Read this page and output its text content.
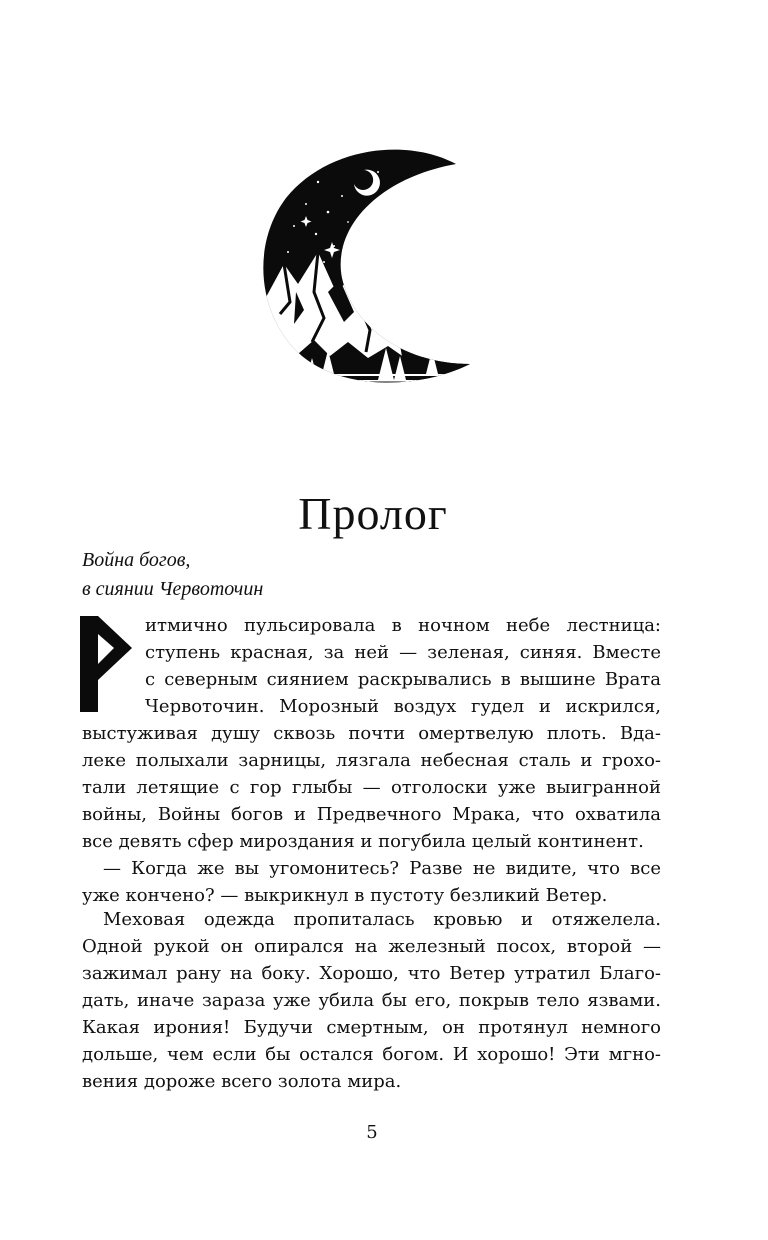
Пролог
Война богов,
в сиянии Червоточин
итмично пульсировала в ночном небе лестница:
ступень красная, за ней — зеленая, синяя. Вместе
с северным сиянием раскрывались в вышине Врата
Червоточин. Морозный воздух гудел и искрился,
выстуживая душу сквозь почти омертвелую плоть. Вда-
леке полыхали зарницы, лязгала небесная сталь и грохо-
тали летящие с гор глыбы — отголоски уже выигранной
войны, Войны богов и Предвечного Мрака, что охватила
все девять сфер мироздания и погубила целый континент.
— Когда же вы угомонитесь? Разве не видите, что все
уже кончено? — выкрикнул в пустоту безликий Ветер.
Меховая одежда пропиталась кровью и отяжелела.
Одной рукой он опирался на железный посох, второй —
зажимал рану на боку. Хорошо, что Ветер утратил Благо-
дать, иначе зараза уже убила бы его, покрыв тело язвами.
Какая ирония! Будучи смертным, он протянул немного
дольше, чем если бы остался богом. И хорошо! Эти мгно-
вения дороже всего золота мира.
5
